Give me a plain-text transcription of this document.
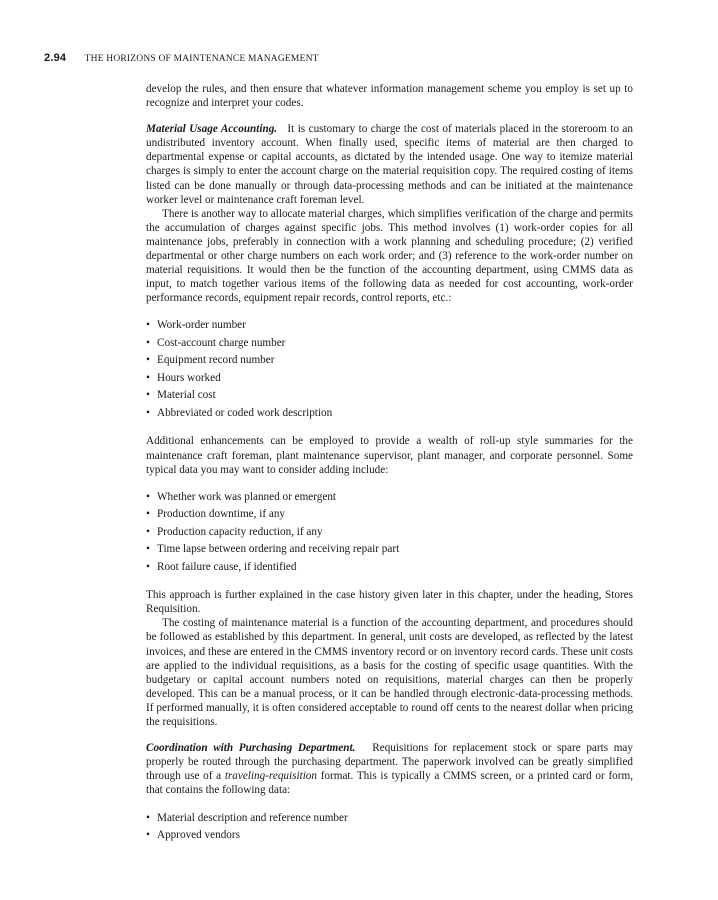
2.94 THE HORIZONS OF MAINTENANCE MANAGEMENT

develop the rules, and then ensure that whatever information management scheme you employ is set up to recognize and interpret your codes.

Material Usage Accounting. It is customary to charge the cost of materials placed in the storeroom to an undistributed inventory account. When finally used, specific items of material are then charged to departmental expense or capital accounts, as dictated by the intended usage. One way to itemize material charges is simply to enter the account charge on the material requisition copy. The required costing of items listed can be done manually or through data-processing methods and can be initiated at the maintenance worker level or maintenance craft foreman level.

There is another way to allocate material charges, which simplifies verification of the charge and permits the accumulation of charges against specific jobs. This method involves (1) work-order copies for all maintenance jobs, preferably in connection with a work planning and scheduling procedure; (2) verified departmental or other charge numbers on each work order; and (3) reference to the work-order number on material requisitions. It would then be the function of the accounting department, using CMMS data as input, to match together various items of the following data as needed for cost accounting, work-order performance records, equipment repair records, control reports, etc.:

• Work-order number
• Cost-account charge number
• Equipment record number
• Hours worked
• Material cost
• Abbreviated or coded work description

Additional enhancements can be employed to provide a wealth of roll-up style summaries for the maintenance craft foreman, plant maintenance supervisor, plant manager, and corporate personnel. Some typical data you may want to consider adding include:

• Whether work was planned or emergent
• Production downtime, if any
• Production capacity reduction, if any
• Time lapse between ordering and receiving repair part
• Root failure cause, if identified

This approach is further explained in the case history given later in this chapter, under the heading, Stores Requisition.

The costing of maintenance material is a function of the accounting department, and procedures should be followed as established by this department. In general, unit costs are developed, as reflected by the latest invoices, and these are entered in the CMMS inventory record or on inventory record cards. These unit costs are applied to the individual requisitions, as a basis for the costing of specific usage quantities. With the budgetary or capital account numbers noted on requisitions, material charges can then be properly developed. This can be a manual process, or it can be handled through electronic-data-processing methods. If performed manually, it is often considered acceptable to round off cents to the nearest dollar when pricing the requisitions.

Coordination with Purchasing Department. Requisitions for replacement stock or spare parts may properly be routed through the purchasing department. The paperwork involved can be greatly simplified through use of a traveling-requisition format. This is typically a CMMS screen, or a printed card or form, that contains the following data:

• Material description and reference number
• Approved vendors
